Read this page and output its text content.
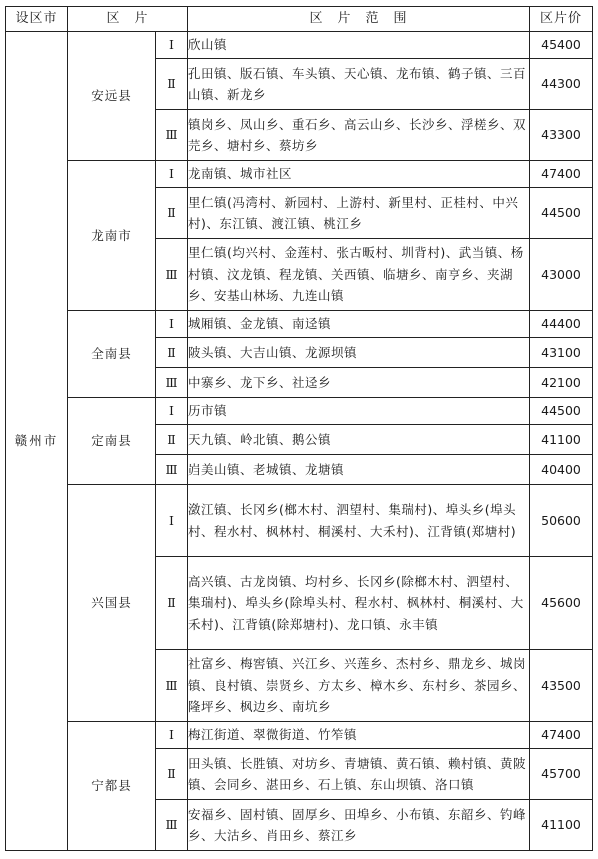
设区市	区　片		区　片　范　围	区片价
赣州市	安远县	Ⅰ	欣山镇	45400
		Ⅱ	孔田镇、版石镇、车头镇、天心镇、龙布镇、鹤子镇、三百山镇、新龙乡	44300
		Ⅲ	镇岗乡、凤山乡、重石乡、高云山乡、长沙乡、浮槎乡、双芫乡、塘村乡、蔡坊乡	43300
	龙南市	Ⅰ	龙南镇、城市社区	47400
		Ⅱ	里仁镇(冯湾村、新园村、上游村、新里村、正桂村、中兴村)、东江镇、渡江镇、桃江乡	44500
		Ⅲ	里仁镇(均兴村、金莲村、张古畈村、圳背村)、武当镇、杨村镇、汶龙镇、程龙镇、关西镇、临塘乡、南亨乡、夹湖乡、安基山林场、九连山镇	43000
	全南县	Ⅰ	城厢镇、金龙镇、南迳镇	44400
		Ⅱ	陂头镇、大吉山镇、龙源坝镇	43100
		Ⅲ	中寨乡、龙下乡、社迳乡	42100
	定南县	Ⅰ	历市镇	44500
		Ⅱ	天九镇、岭北镇、鹅公镇	41100
		Ⅲ	岿美山镇、老城镇、龙塘镇	40400
	兴国县	Ⅰ	潋江镇、长冈乡(榔木村、泗望村、集瑞村)、埠头乡(埠头村、程水村、枫林村、桐溪村、大禾村)、江背镇(郑塘村)	50600
		Ⅱ	高兴镇、古龙岗镇、均村乡、长冈乡(除榔木村、泗望村、集瑞村)、埠头乡(除埠头村、程水村、枫林村、桐溪村、大禾村)、江背镇(除郑塘村)、龙口镇、永丰镇	45600
		Ⅲ	社富乡、梅窖镇、兴江乡、兴莲乡、杰村乡、鼎龙乡、城岗镇、良村镇、崇贤乡、方太乡、樟木乡、东村乡、茶园乡、隆坪乡、枫边乡、南坑乡	43500
	宁都县	Ⅰ	梅江街道、翠微街道、竹笮镇	47400
		Ⅱ	田头镇、长胜镇、对坊乡、青塘镇、黄石镇、赖村镇、黄陂镇、会同乡、湛田乡、石上镇、东山坝镇、洛口镇	45700
		Ⅲ	安福乡、固村镇、固厚乡、田埠乡、小布镇、东韶乡、钓峰乡、大沽乡、肖田乡、蔡江乡	41100
